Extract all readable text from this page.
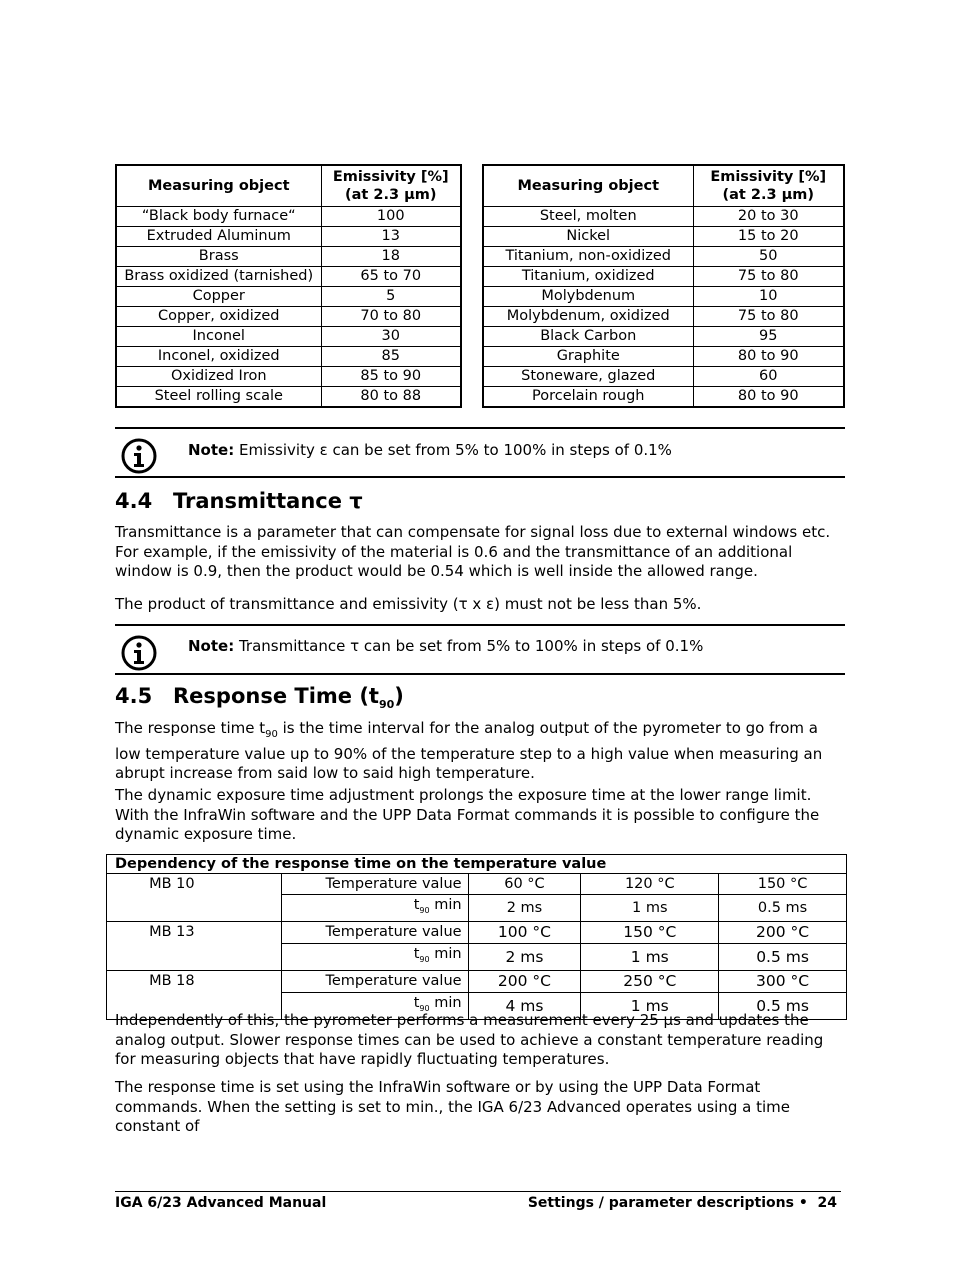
Measuring object	Emissivity [%]
(at 2.3 µm)
“Black body furnace“	100
Extruded Aluminum	13
Brass	18
Brass oxidized (tarnished)	65 to 70
Copper	5
Copper, oxidized	70 to 80
Inconel	30
Inconel, oxidized	85
Oxidized Iron	85 to 90
Steel rolling scale	80 to 88
Measuring object	Emissivity [%]
(at 2.3 µm)
Steel, molten	20 to 30
Nickel	15 to 20
Titanium, non-oxidized	50
Titanium, oxidized	75 to 80
Molybdenum	10
Molybdenum, oxidized	75 to 80
Black Carbon	95
Graphite	80 to 90
Stoneware, glazed	60
Porcelain rough	80 to 90
Note: Emissivity ε can be set from 5% to 100% in steps of 0.1%
4.4 Transmittance τ

Transmittance is a parameter that can compensate for signal loss due to external windows etc. For example, if the emissivity of the material is 0.6 and the transmittance of an additional window is 0.9, then the product would be 0.54 which is well inside the allowed range.

The product of transmittance and emissivity (τ x ε) must not be less than 5%.

Note: Transmittance τ can be set from 5% to 100% in steps of 0.1%
4.5 Response Time $(t_{90})$

The response time $t_{90}$ is the time interval for the analog output of the pyrometer to go from a low temperature value up to 90% of the temperature step to a high value when measuring an abrupt increase from said low to said high temperature.

The dynamic exposure time adjustment prolongs the exposure time at the lower range limit. With the InfraWin software and the UPP Data Format commands it is possible to configure the dynamic exposure time.

Dependency of the response time on the temperature value				
MB 10	Temperature value	60 °C	120 °C	150 °C
	$t_{90}$ min	2 ms	1 ms	0.5 ms
MB 13	Temperature value	100 °C	150 °C	200 °C
	$t_{90}$ min	2 ms	1 ms	0.5 ms
MB 18	Temperature value	200 °C	250 °C	300 °C
	$t_{90}$ min	4 ms	1 ms	0.5 ms

Independently of this, the pyrometer performs a measurement every 25 µs and updates the analog output. Slower response times can be used to achieve a constant temperature reading for measuring objects that have rapidly fluctuating temperatures.

The response time is set using the InfraWin software or by using the UPP Data Format commands. When the setting is set to min., the IGA 6/23 Advanced operates using a time constant of

IGA 6/23 Advanced Manual	Settings / parameter descriptions •  24
